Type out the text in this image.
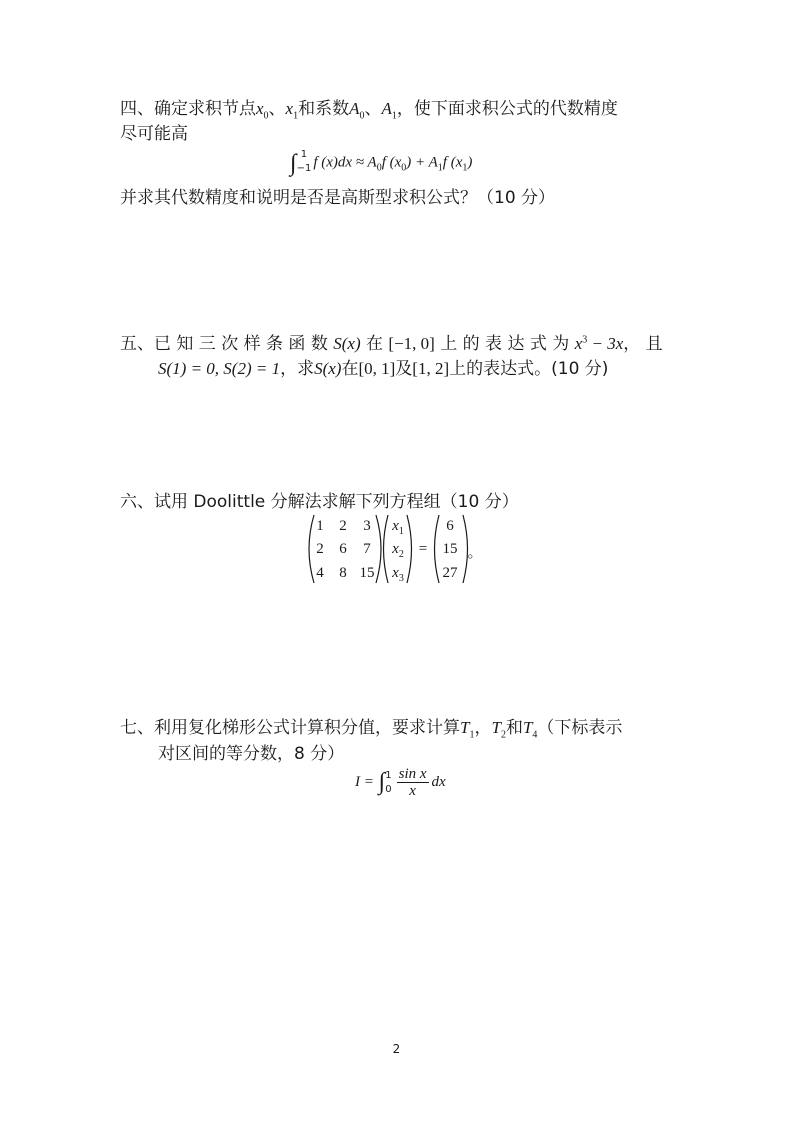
四、确定求积节点$x_0$、$x_1$和系数$A_0$、$A_1$，使下面求积公式的代数精度
尽可能高
∫ 1
−1 f $(x)dx \approx A_0f$ $(x_0) + A_1f$ $(x_1)$
并求其代数精度和说明是否是高斯型求积公式？（10 分）
五、已 知 三 次 样 条 函 数 S(x) 在 [−1, 0] 上 的 表 达 式 为 $x^3 - 3x$， 且
S(1) = 0, S(2) = 1，求S(x)在[0, 1]及[1, 2]上的表达式。(10 分)
六、试用 Doolittle 分解法求解下列方程组（10 分）
1	2	3
2	6	7
4	8 15
$x_1$
$x_2$
$x_3$
=
6
15
27
。
七、利用复化梯形公式计算积分值，要求计算$T_1$，$T_2$和$T_4$（下标表示
对区间的等分数，8 分）
I = ∫ 1
$0 \frac{\text{sin x}}{x}$ dx
2
